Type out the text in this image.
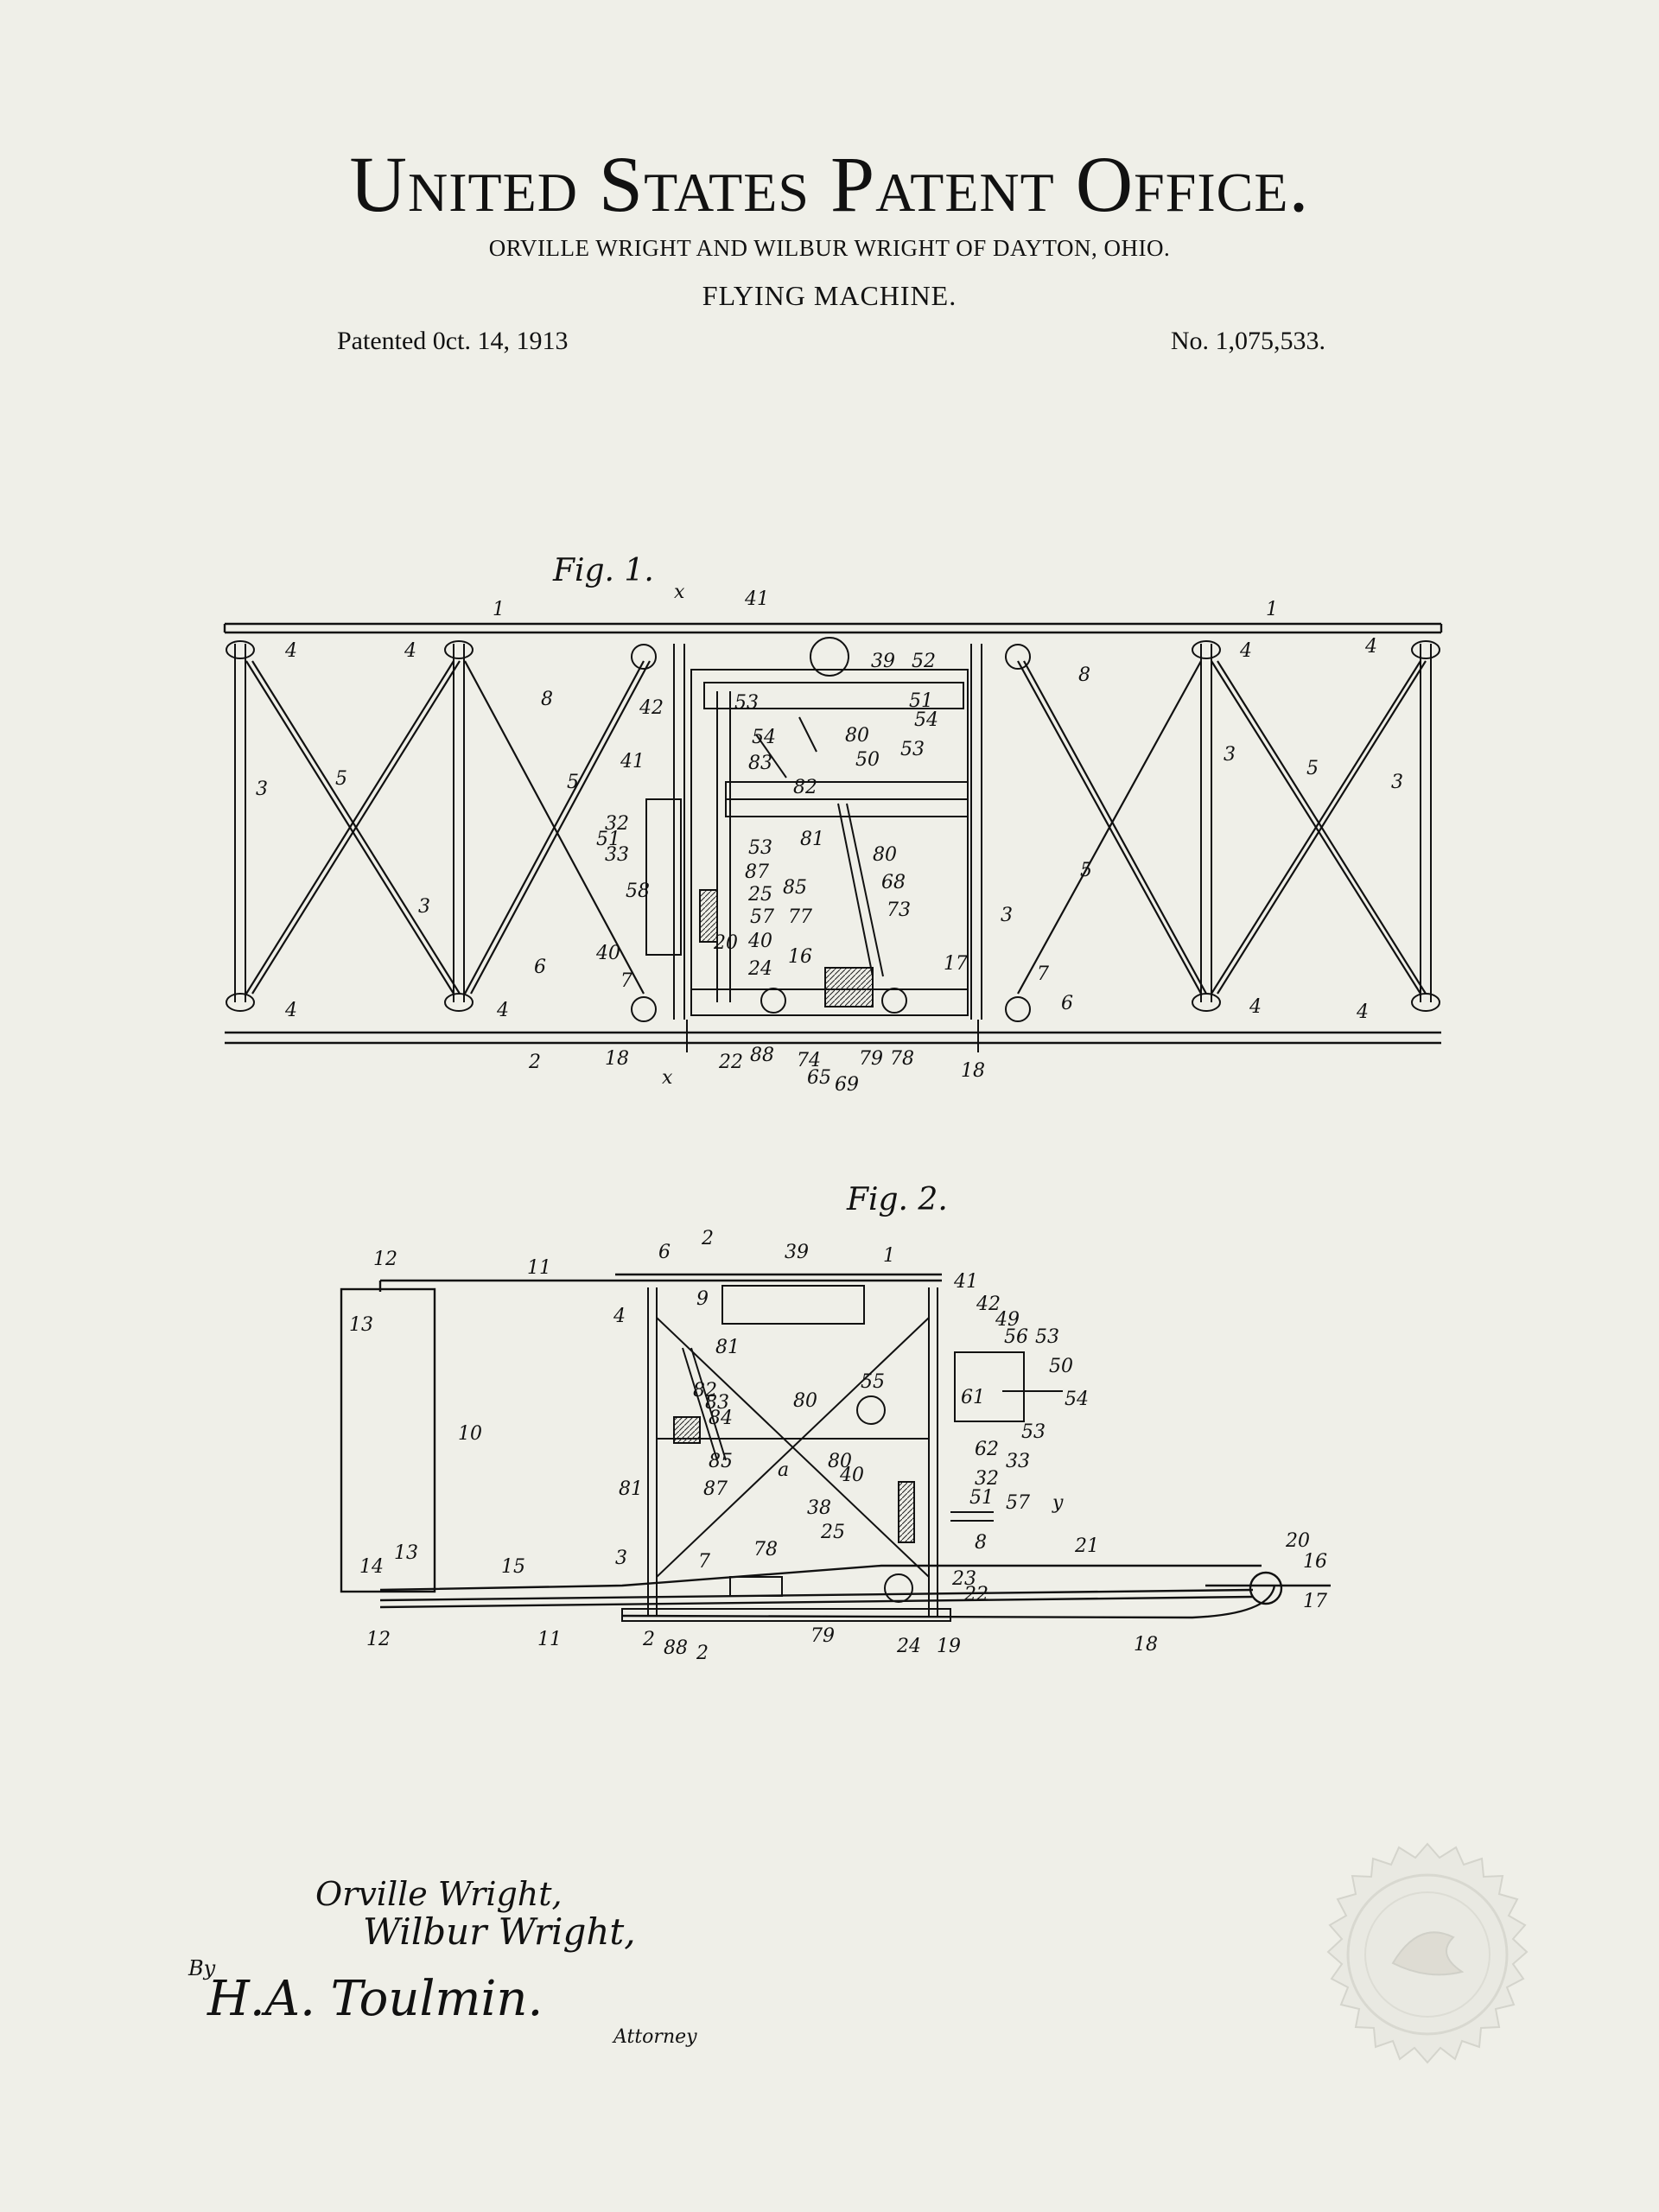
United States Patent Office.
ORVILLE WRIGHT AND WILBUR WRIGHT OF DAYTON, OHIO.
FLYING MACHINE.
Patented 0ct. 14, 1913	No. 1,075,533.
Fig. 1.
1	1
x	41
39 52
4	4	4	4
4	4	4	4
3
3	3
3
3
5	5
5
5
8
8
6
6
7	7
2	18
18
x
22 88 74
65 69
79 78
17
16
24
40
40
20
57
25 85
87
77
68
73
80
80
81
53
32
51
33
58
42
41	83
82
50
54
53	51
54
53
Fig. 2.
12
13
11
10
14
13
15
12	11
6
2
39	1
41
42
49
56 53
50
54
53
61
62
33
32
51 57 y
4
9
81
82
83
84
85
81	87
80
55
80
40
38
25
3	78
7
2 88 2
79	24 19
23
22
8	21	20
16
17
18
a
Orville Wright,
Wilbur Wright,
By
H.A. Toulmin.
Attorney
